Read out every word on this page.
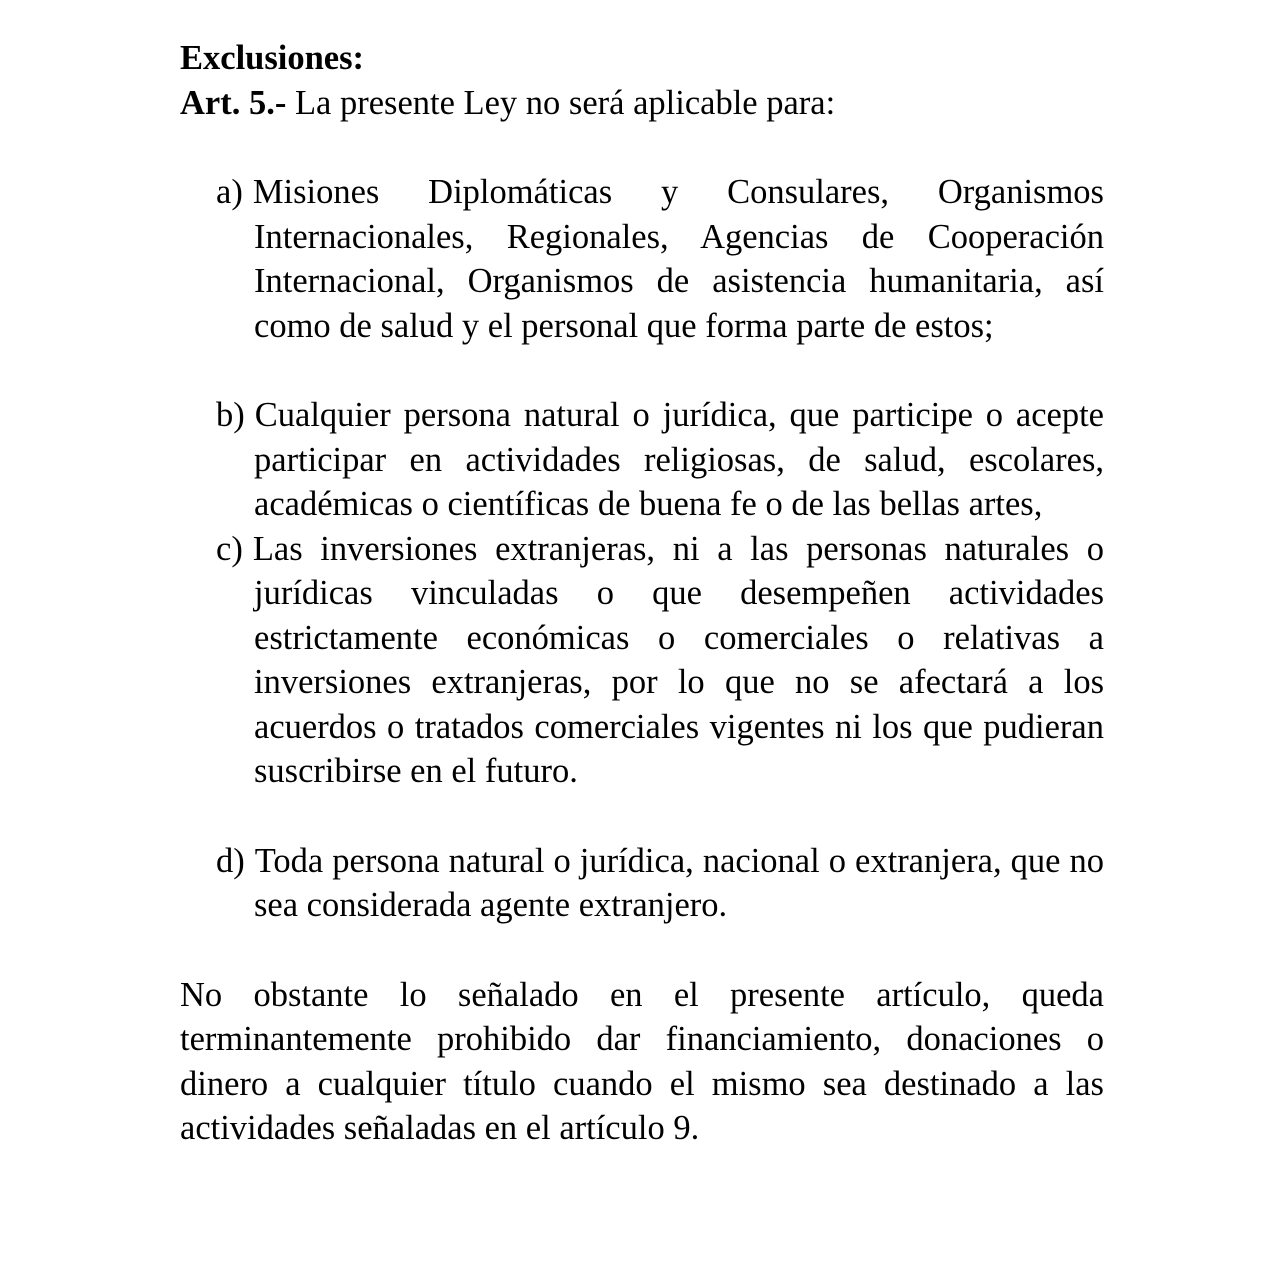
Exclusiones:

Art. 5.- La presente Ley no será aplicable para:

a) Misiones Diplomáticas y Consulares, Organismos Internacionales, Regionales, Agencias de Cooperación Internacional, Organismos de asistencia humanitaria, así como de salud y el personal que forma parte de estos;
b) Cualquier persona natural o jurídica, que participe o acepte participar en actividades religiosas, de salud, escolares, académicas o científicas de buena fe o de las bellas artes,
c) Las inversiones extranjeras, ni a las personas naturales o jurídicas vinculadas o que desempeñen actividades estrictamente económicas o comerciales o relativas a inversiones extranjeras, por lo que no se afectará a los acuerdos o tratados comerciales vigentes ni los que pudieran suscribirse en el futuro.
d) Toda persona natural o jurídica, nacional o extranjera, que no sea considerada agente extranjero.

No obstante lo señalado en el presente artículo, queda terminantemente prohibido dar financiamiento, donaciones o dinero a cualquier título cuando el mismo sea destinado a las actividades señaladas en el artículo 9.
